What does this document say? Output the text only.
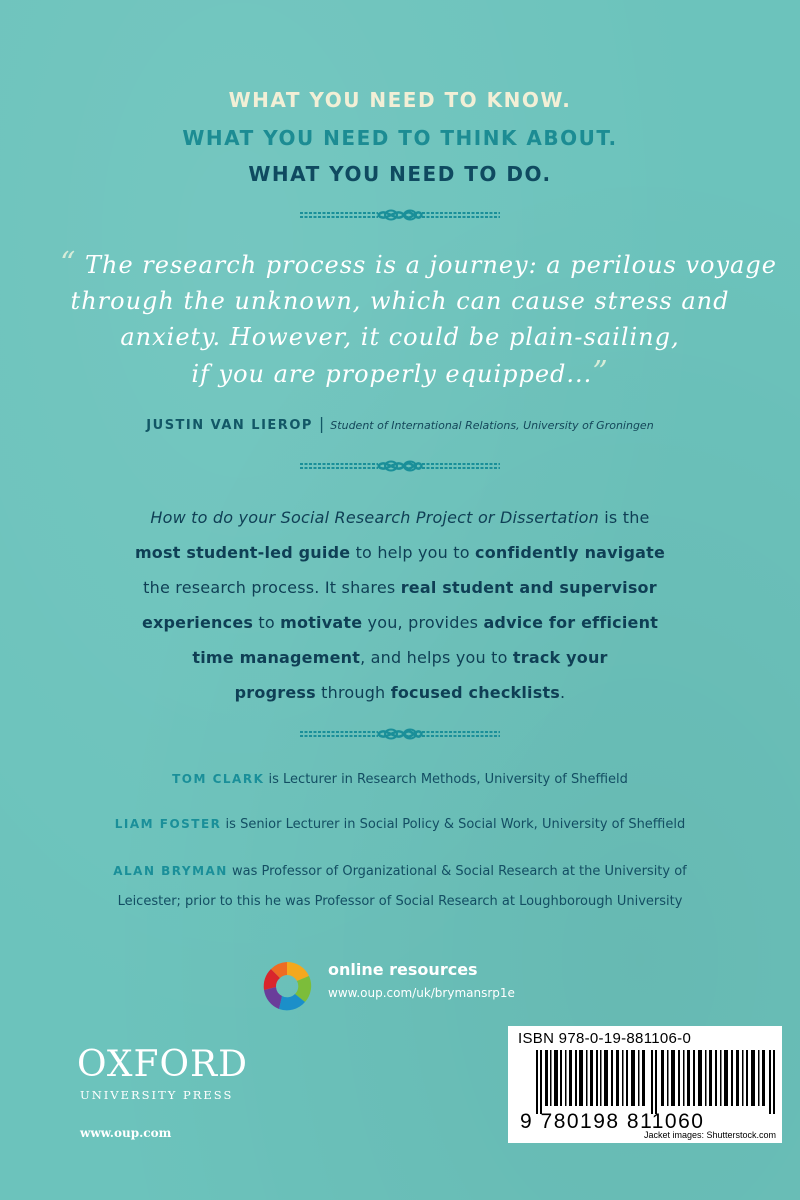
WHAT YOU NEED TO KNOW.
WHAT YOU NEED TO THINK ABOUT.
WHAT YOU NEED TO DO.
“ The research process is a journey: a perilous voyage
through the unknown, which can cause stress and
anxiety. However, it could be plain-sailing,
if you are properly equipped...”
JUSTIN VAN LIEROP | Student of International Relations, University of Groningen
How to do your Social Research Project or Dissertation is the
most student-led guide to help you to confidently navigate
the research process. It shares real student and supervisor
experiences to motivate you, provides advice for efficient
time management, and helps you to track your
progress through focused checklists.
TOM CLARK is Lecturer in Research Methods, University of Sheffield
LIAM FOSTER is Senior Lecturer in Social Policy & Social Work, University of Sheffield
ALAN BRYMAN was Professor of Organizational & Social Research at the University of
Leicester; prior to this he was Professor of Social Research at Loughborough University
online resources
www.oup.com/uk/brymansrp1e
OXFORD
UNIVERSITY PRESS
www.oup.com
ISBN 978-0-19-881106-0
9 780198 811060
Jacket images: Shutterstock.com
